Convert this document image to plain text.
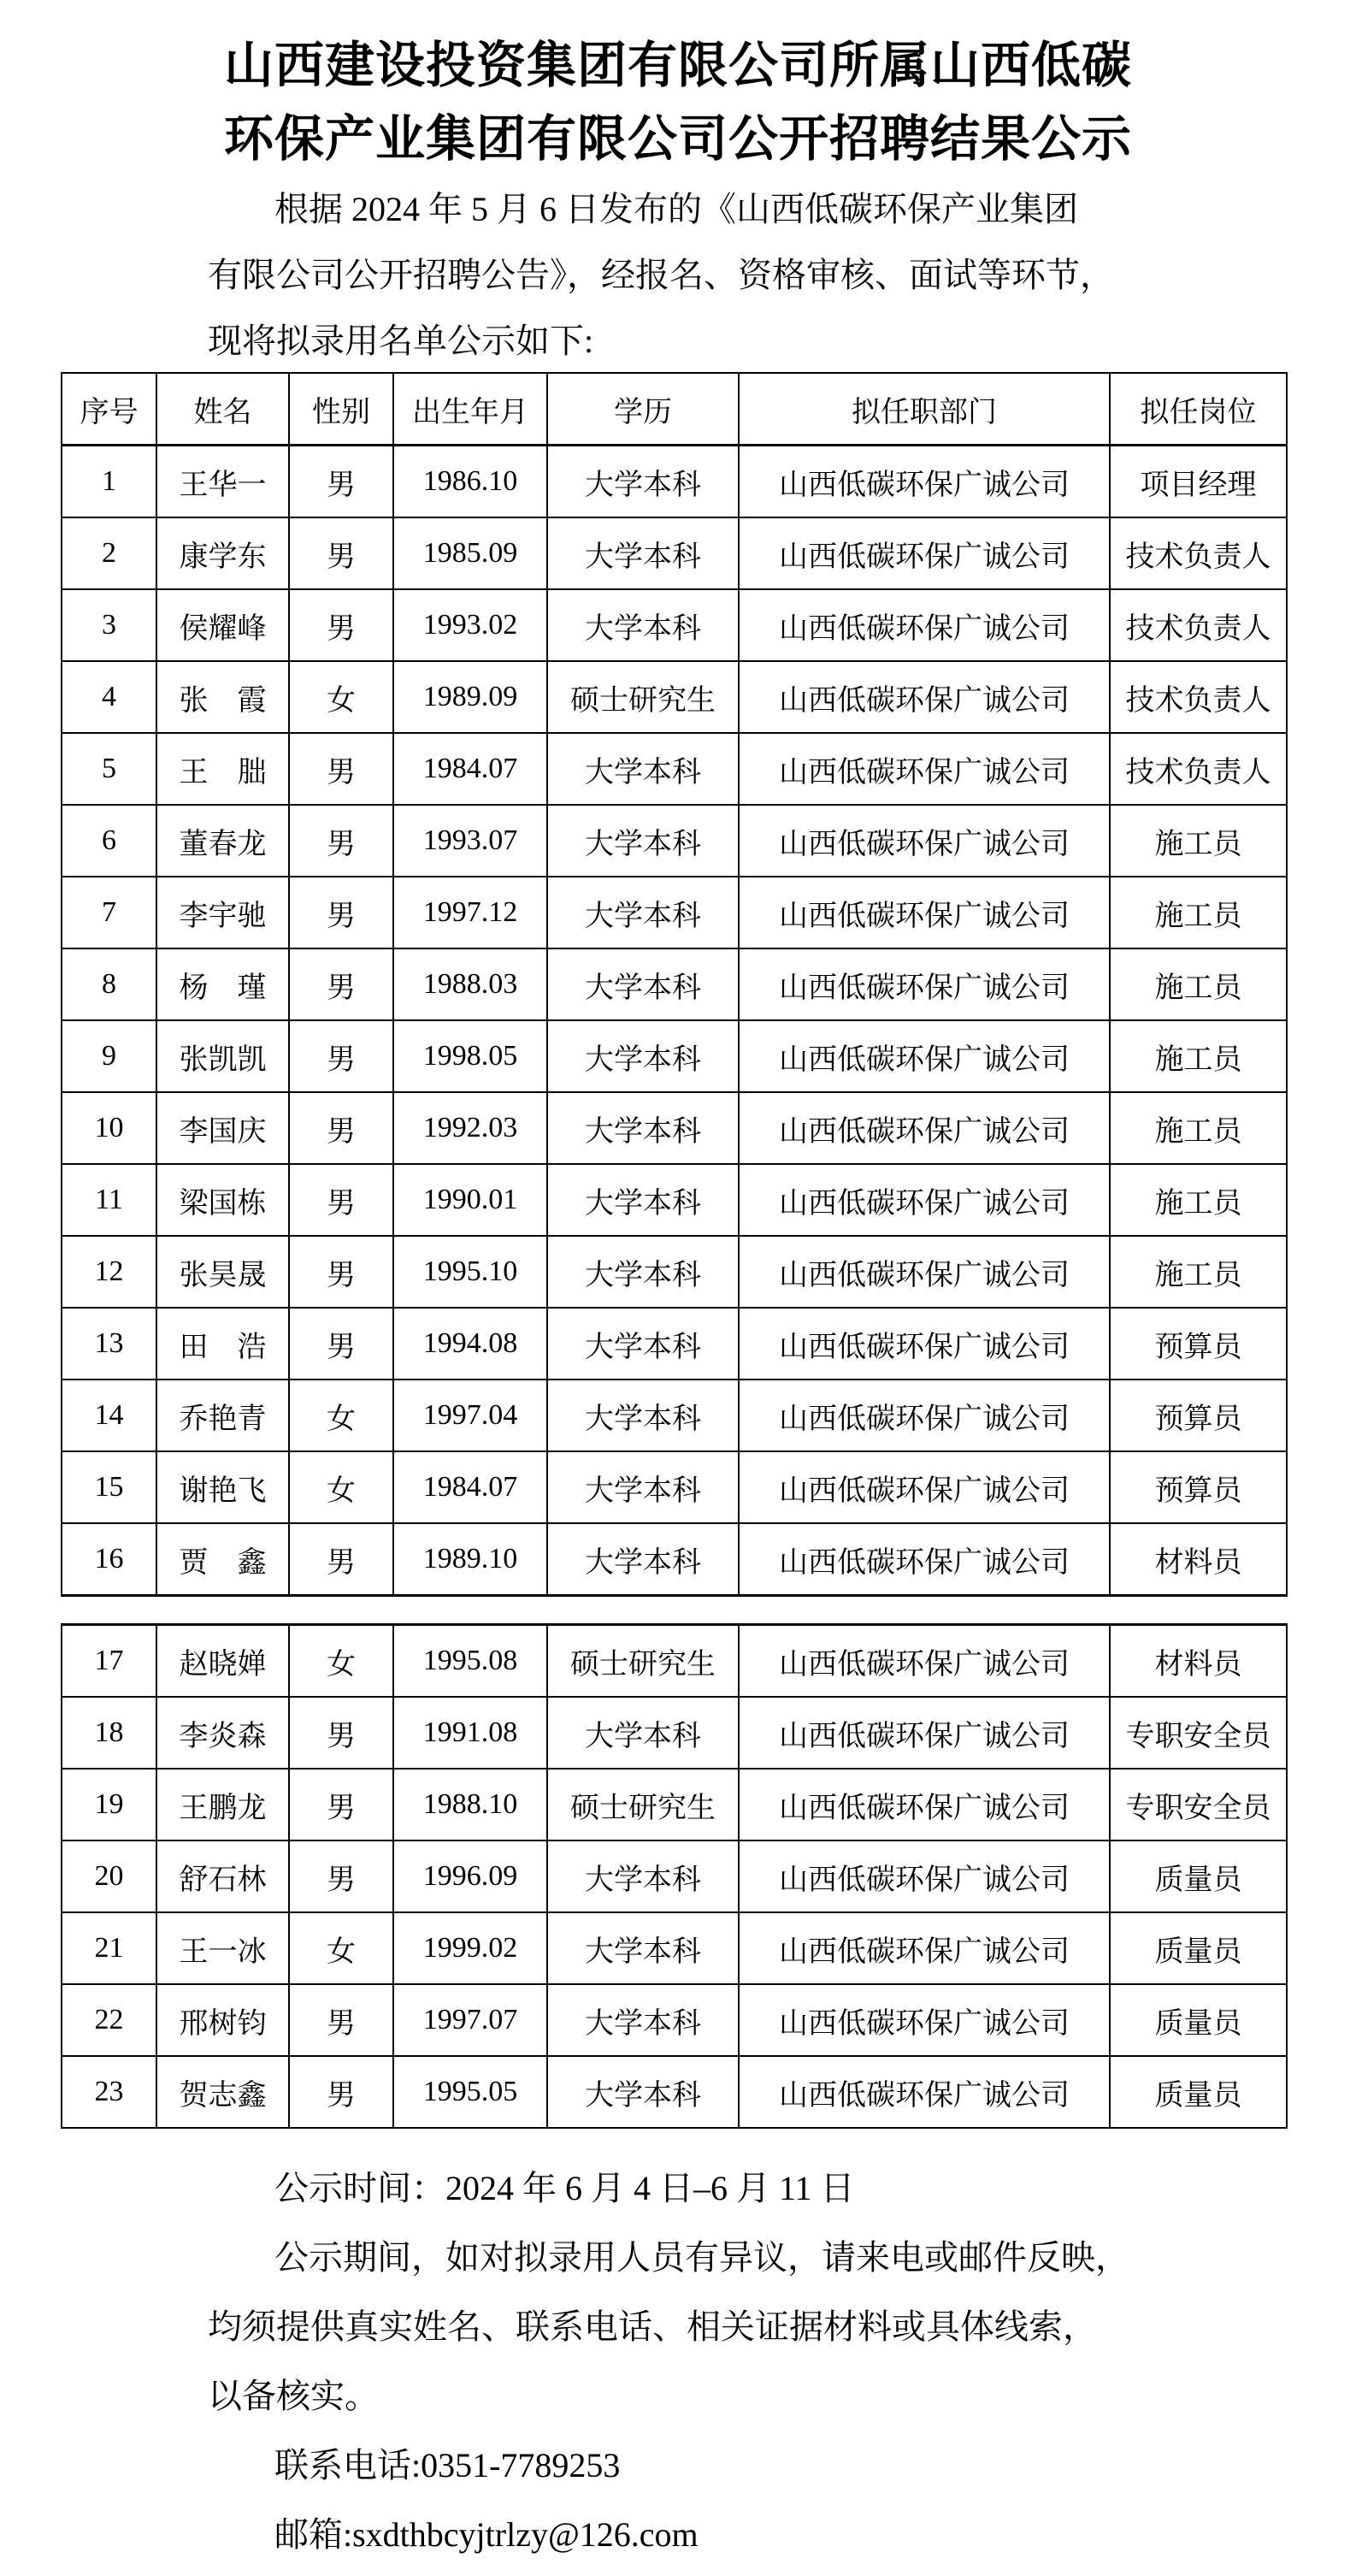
山西建设投资集团有限公司所属山西低碳
环保产业集团有限公司公开招聘结果公示
根据 2024 年 5 月 6 日发布的《山西低碳环保产业集团
有限公司公开招聘公告》，经报名、资格审核、面试等环节，
现将拟录用名单公示如下:
序号	姓名	性别	出生年月	学历	拟任职部门	拟任岗位
1	王华一	男	1986.10	大学本科	山西低碳环保广诚公司	项目经理
2	康学东	男	1985.09	大学本科	山西低碳环保广诚公司	技术负责人
3	侯耀峰	男	1993.02	大学本科	山西低碳环保广诚公司	技术负责人
4	张　霞	女	1989.09	硕士研究生	山西低碳环保广诚公司	技术负责人
5	王　朏	男	1984.07	大学本科	山西低碳环保广诚公司	技术负责人
6	董春龙	男	1993.07	大学本科	山西低碳环保广诚公司	施工员
7	李宇驰	男	1997.12	大学本科	山西低碳环保广诚公司	施工员
8	杨　瑾	男	1988.03	大学本科	山西低碳环保广诚公司	施工员
9	张凯凯	男	1998.05	大学本科	山西低碳环保广诚公司	施工员
10	李国庆	男	1992.03	大学本科	山西低碳环保广诚公司	施工员
11	梁国栋	男	1990.01	大学本科	山西低碳环保广诚公司	施工员
12	张昊晟	男	1995.10	大学本科	山西低碳环保广诚公司	施工员
13	田　浩	男	1994.08	大学本科	山西低碳环保广诚公司	预算员
14	乔艳青	女	1997.04	大学本科	山西低碳环保广诚公司	预算员
15	谢艳飞	女	1984.07	大学本科	山西低碳环保广诚公司	预算员
16	贾　鑫	男	1989.10	大学本科	山西低碳环保广诚公司	材料员
17	赵晓婵	女	1995.08	硕士研究生	山西低碳环保广诚公司	材料员
18	李炎森	男	1991.08	大学本科	山西低碳环保广诚公司	专职安全员
19	王鹏龙	男	1988.10	硕士研究生	山西低碳环保广诚公司	专职安全员
20	舒石林	男	1996.09	大学本科	山西低碳环保广诚公司	质量员
21	王一冰	女	1999.02	大学本科	山西低碳环保广诚公司	质量员
22	邢树钧	男	1997.07	大学本科	山西低碳环保广诚公司	质量员
23	贺志鑫	男	1995.05	大学本科	山西低碳环保广诚公司	质量员
公示时间：2024 年 6 月 4 日–6 月 11 日
公示期间，如对拟录用人员有异议，请来电或邮件反映，
均须提供真实姓名、联系电话、相关证据材料或具体线索，
以备核实。
联系电话:0351-7789253
邮箱:sxdthbcyjtrlzy@126.com
